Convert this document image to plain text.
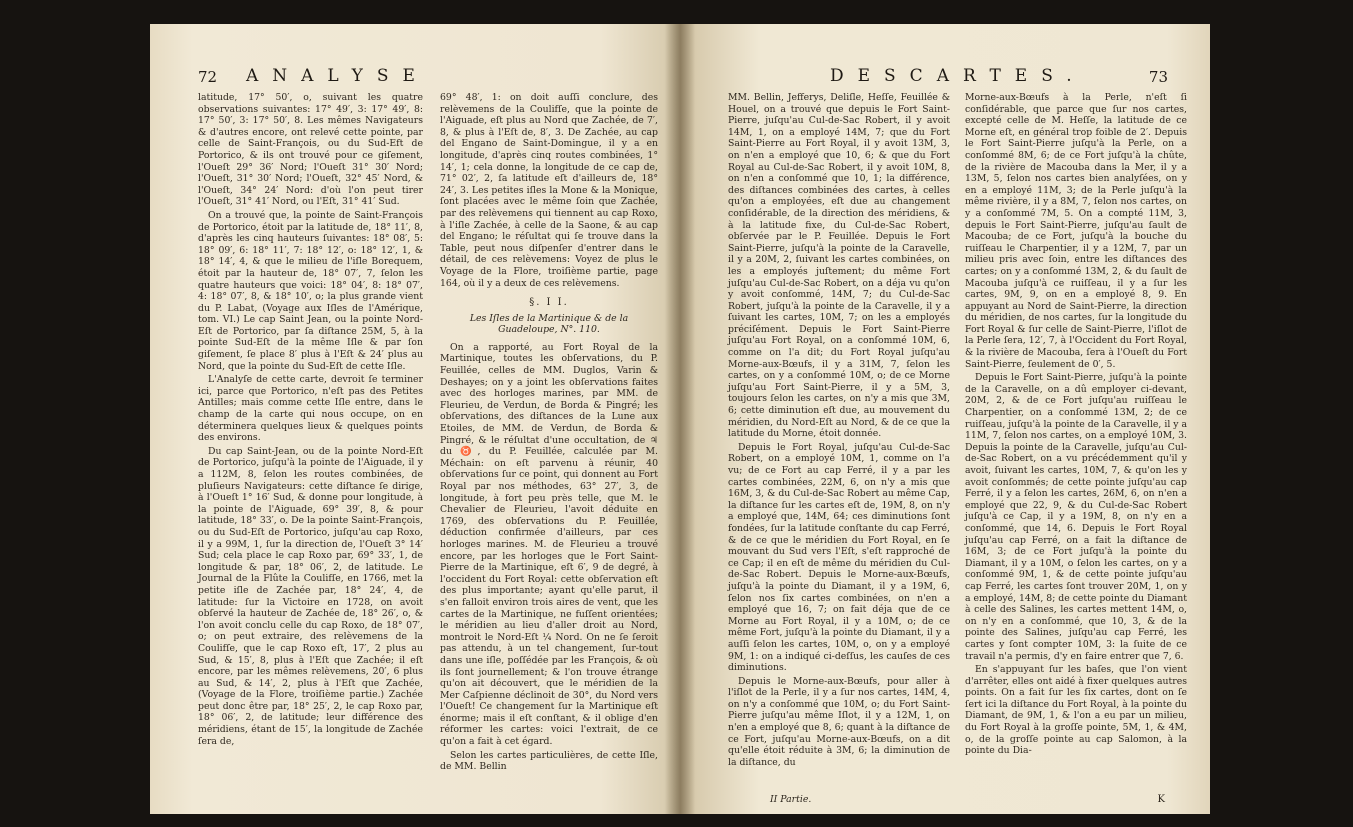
72 ANALYSE

latitude, 17° 50′, o, suivant les quatre observations suivantes: 17° 49′, 3: 17° 49′, 8: 17° 50′, 3: 17° 50′, 8. Les mêmes Navigateurs & d'autres encore, ont relevé cette pointe, par celle de Saint-François, ou du Sud-Eft de Portorico, & ils ont trouvé pour ce giſement, l'Oueſt 29° 36′ Nord; l'Oueſt 31° 30′ Nord; l'Oueſt, 31° 30′ Nord; l'Oueſt, 32° 45′ Nord, & l'Oueſt, 34° 24′ Nord: d'où l'on peut tirer l'Oueſt, 31° 41′ Nord, ou l'Eſt, 31° 41′ Sud.

On a trouvé que, la pointe de Saint-François de Portorico, étoit par la latitude de, 18° 11′, 8, d'après les cinq hauteurs ſuivantes: 18° 08′, 5: 18° 09′, 6: 18° 11′, 7: 18° 12′, o: 18° 12′, 1, & 18° 14′, 4, & que le milieu de l'iſle Borequem, étoit par la hauteur de, 18° 07′, 7, ſelon les quatre hauteurs que voici: 18° 04′, 8: 18° 07′, 4: 18° 07′, 8, & 18° 10′, o; la plus grande vient du P. Labat, (Voyage aux Iſles de l'Amérique, tom. VI.) Le cap Saint Jean, ou la pointe Nord-Eſt de Portorico, par ſa diſtance 25M, 5, à la pointe Sud-Eſt de la même Iſle & par ſon giſement, ſe place 8′ plus à l'Eſt & 24′ plus au Nord, que la pointe du Sud-Eſt de cette Iſle.

L'Analyſe de cette carte, devroit ſe terminer ici, parce que Portorico, n'eſt pas des Petites Antilles; mais comme cette Iſle entre, dans le champ de la carte qui nous occupe, on en déterminera quelques lieux & quelques points des environs.

Du cap Saint-Jean, ou de la pointe Nord-Eſt de Portorico, juſqu'à la pointe de l'Aiguade, il y a 112M, 8, ſelon les routes combinées, de pluſieurs Navigateurs: cette diſtance ſe dirige, à l'Oueſt 1° 16′ Sud, & donne pour longitude, à la pointe de l'Aiguade, 69° 39′, 8, & pour latitude, 18° 33′, o. De la pointe Saint-François, ou du Sud-Eſt de Portorico, juſqu'au cap Roxo, il y a 99M, 1, ſur la direction de, l'Oueſt 3° 14′ Sud; cela place le cap Roxo par, 69° 33′, 1, de longitude & par, 18° 06′, 2, de latitude. Le Journal de la Flûte la Coulifſe, en 1766, met la petite iſle de Zachée par, 18° 24′, 4, de latitude: ſur la Victoire en 1728, on avoit obſervé la hauteur de Zachée de, 18° 26′, o, & l'on avoit conclu celle du cap Roxo, de 18° 07′, o; on peut extraire, des relèvemens de la Coulifſe, que le cap Roxo eſt, 17′, 2 plus au Sud, & 15′, 8, plus à l'Eſt que Zachée; il eſt encore, par les mêmes relèvemens, 20′, 6 plus au Sud, & 14′, 2, plus à l'Eſt que Zachée, (Voyage de la Flore, troiſième partie.) Zachée peut donc être par, 18° 25′, 2, le cap Roxo par, 18° 06′, 2, de latitude; leur différence des méridiens, étant de 15′, la longitude de Zachée ſera de,

69° 48′, 1: on doit auſſi conclure, des relèvemens de la Coulifſe, que la pointe de l'Aiguade, eſt plus au Nord que Zachée, de 7′, 8, & plus à l'Eſt de, 8′, 3. De Zachée, au cap del Engano de Saint-Domingue, il y a en longitude, d'après cinq routes combinées, 1° 14′, 1; cela donne, la longitude de ce cap de, 71° 02′, 2, ſa latitude eſt d'ailleurs de, 18° 24′, 3. Les petites iſles la Mone & la Monique, ſont placées avec le même ſoin que Zachée, par des relèvemens qui tiennent au cap Roxo, à l'iſle Zachée, à celle de la Saone, & au cap del Engano; le réſultat qui ſe trouve dans la Table, peut nous diſpenſer d'entrer dans le détail, de ces relèvemens: Voyez de plus le Voyage de la Flore, troiſième partie, page 164, où il y a deux de ces relèvemens.

§. I I.
Les Iſles de la Martinique & de la Guadeloupe, N°. 110.

On a rapporté, au Fort Royal de la Martinique, toutes les obſervations, du P. Feuillée, celles de MM. Duglos, Varin & Deshayes; on y a joint les obſervations faites avec des horloges marines, par MM. de Fleurieu, de Verdun, de Borda & Pingré; les obſervations, des diſtances de la Lune aux Etoiles, de MM. de Verdun, de Borda & Pingré, & le réſultat d'une occultation, de ♃ du ♉, du P. Feuillée, calculée par M. Méchain: on eſt parvenu à réunir, 40 obſervations ſur ce point, qui donnent au Fort Royal par nos méthodes, 63° 27′, 3, de longitude, à fort peu près telle, que M. le Chevalier de Fleurieu, l'avoit déduite en 1769, des obſervations du P. Feuillée, déduction confirmée d'ailleurs, par ces horloges marines. M. de Fleurieu a trouvé encore, par les horloges que le Fort Saint-Pierre de la Martinique, eſt 6′, 9 de degré, à l'occident du Fort Royal: cette obſervation eſt des plus importante; ayant qu'elle parut, il s'en falloit environ trois aires de vent, que les cartes de la Martinique, ne fuſſent orientées; le méridien au lieu d'aller droit au Nord, montroit le Nord-Eſt ¼ Nord. On ne ſe ſeroit pas attendu, à un tel changement, ſur-tout dans une iſle, poſſédée par les François, & où ils ſont journellement; & l'on trouve étrange qu'on ait découvert, que le méridien de la Mer Caſpienne déclinoit de 30°, du Nord vers l'Oueſt! Ce changement ſur la Martinique eſt énorme; mais il eſt conſtant, & il oblige d'en réformer les cartes: voici l'extrait, de ce qu'on a fait à cet égard.

Selon les cartes particulières, de cette Iſle, de MM. Bellin

DESCARTES.	73

MM. Bellin, Jefferys, Deliſle, Heſſe, Feuillée & Houel, on a trouvé que depuis le Fort Saint-Pierre, juſqu'au Cul-de-Sac Robert, il y avoit 14M, 1, on a employé 14M, 7; que du Fort Saint-Pierre au Fort Royal, il y avoit 13M, 3, on n'en a employé que 10, 6; & que du Fort Royal au Cul-de-Sac Robert, il y avoit 10M, 8, on n'en a conſommé que 10, 1; la différence, des diſtances combinées des cartes, à celles qu'on a employées, eſt due au changement conſidérable, de la direction des méridiens, & à la latitude fixe, du Cul-de-Sac Robert, obſervée par le P. Feuillée. Depuis le Fort Saint-Pierre, juſqu'à la pointe de la Caravelle, il y a 20M, 2, ſuivant les cartes combinées, on les a employés juſtement; du même Fort juſqu'au Cul-de-Sac Robert, on a déja vu qu'on y avoit conſommé, 14M, 7; du Cul-de-Sac Robert, juſqu'à la pointe de la Caravelle, il y a ſuivant les cartes, 10M, 7; on les a employés préciſément. Depuis le Fort Saint-Pierre juſqu'au Fort Royal, on a conſommé 10M, 6, comme on l'a dit; du Fort Royal juſqu'au Morne-aux-Bœufs, il y a 31M, 7, ſelon les cartes, on y a conſommé 10M, o; de ce Morne juſqu'au Fort Saint-Pierre, il y a 5M, 3, toujours ſelon les cartes, on n'y a mis que 3M, 6; cette diminution eſt due, au mouvement du méridien, du Nord-Eſt au Nord, & de ce que la latitude du Morne, étoit donnée.

Depuis le Fort Royal, juſqu'au Cul-de-Sac Robert, on a employé 10M, 1, comme on l'a vu; de ce Fort au cap Ferré, il y a par les cartes combinées, 22M, 6, on n'y a mis que 16M, 3, & du Cul-de-Sac Robert au même Cap, la diſtance ſur les cartes eſt de, 19M, 8, on n'y a employé que, 14M, 64; ces diminutions ſont fondées, ſur la latitude conſtante du cap Ferré, & de ce que le méridien du Fort Royal, en ſe mouvant du Sud vers l'Eſt, s'eſt rapproché de ce Cap; il en eſt de même du méridien du Cul-de-Sac Robert. Depuis le Morne-aux-Bœufs, juſqu'à la pointe du Diamant, il y a 19M, 6, ſelon nos ſix cartes combinées, on n'en a employé que 16, 7; on fait déja que de ce Morne au Fort Royal, il y a 10M, o; de ce même Fort, juſqu'à la pointe du Diamant, il y a auſſi ſelon les cartes, 10M, o, on y a employé 9M, 1: on a indiqué ci-deſſus, les cauſes de ces diminutions.

Depuis le Morne-aux-Bœufs, pour aller à l'iſlot de la Perle, il y a ſur nos cartes, 14M, 4, on n'y a conſommé que 10M, o; du Fort Saint-Pierre juſqu'au même Iſlot, il y a 12M, 1, on n'en a employé que 8, 6; quant à la diſtance de ce Fort, juſqu'au Morne-aux-Bœufs, on a dit qu'elle étoit réduite à 3M, 6; la diminution de la diſtance, du

Morne-aux-Bœufs à la Perle, n'eſt ſi conſidérable, que parce que ſur nos cartes, excepté celle de M. Heſſe, la latitude de ce Morne eſt, en général trop foible de 2′. Depuis le Fort Saint-Pierre juſqu'à la Perle, on a conſommé 8M, 6; de ce Fort juſqu'à la chûte, de la rivière de Macouba dans la Mer, il y a 13M, 5, ſelon nos cartes bien analyſées, on y en a employé 11M, 3; de la Perle juſqu'à la même rivière, il y a 8M, 7, ſelon nos cartes, on y a conſommé 7M, 5. On a compté 11M, 3, depuis le Fort Saint-Pierre, juſqu'au ſault de Macouba; de ce Fort, juſqu'à la bouche du ruiſſeau le Charpentier, il y a 12M, 7, par un milieu pris avec ſoin, entre les diſtances des cartes; on y a conſommé 13M, 2, & du ſault de Macouba juſqu'à ce ruiſſeau, il y a ſur les cartes, 9M, 9, on en a employé 8, 9. En appuyant au Nord de Saint-Pierre, la direction du méridien, de nos cartes, ſur la longitude du Fort Royal & ſur celle de Saint-Pierre, l'iſlot de la Perle ſera, 12′, 7, à l'Occident du Fort Royal, & la rivière de Macouba, ſera à l'Oueſt du Fort Saint-Pierre, ſeulement de 0′, 5.

Depuis le Fort Saint-Pierre, juſqu'à la pointe de la Caravelle, on a dû employer ci-devant, 20M, 2, & de ce Fort juſqu'au ruiſſeau le Charpentier, on a conſommé 13M, 2; de ce ruiſſeau, juſqu'à la pointe de la Caravelle, il y a 11M, 7, ſelon nos cartes, on a employé 10M, 3. Depuis la pointe de la Caravelle, juſqu'au Cul-de-Sac Robert, on a vu précédemment qu'il y avoit, ſuivant les cartes, 10M, 7, & qu'on les y avoit conſommés; de cette pointe juſqu'au cap Ferré, il y a ſelon les cartes, 26M, 6, on n'en a employé que 22, 9, & du Cul-de-Sac Robert juſqu'à ce Cap, il y a 19M, 8, on n'y en a conſommé, que 14, 6. Depuis le Fort Royal juſqu'au cap Ferré, on a fait la diſtance de 16M, 3; de ce Fort juſqu'à la pointe du Diamant, il y a 10M, o ſelon les cartes, on y a conſommé 9M, 1, & de cette pointe juſqu'au cap Ferré, les cartes ſont trouver 20M, 1, on y a employé, 14M, 8; de cette pointe du Diamant à celle des Salines, les cartes mettent 14M, o, on n'y en a conſommé, que 10, 3, & de la pointe des Salines, juſqu'au cap Ferré, les cartes y ſont compter 10M, 3: la ſuite de ce travail n'a permis, d'y en faire entrer que 7, 6.

En s'appuyant ſur les baſes, que l'on vient d'arrêter, elles ont aidé à fixer quelques autres points. On a fait ſur les ſix cartes, dont on ſe ſert ici la diſtance du Fort Royal, à la pointe du Diamant, de 9M, 1, & l'on a eu par un milieu, du Fort Royal à la groſſe pointe, 5M, 1, & 4M, o, de la groſſe pointe au cap Salomon, à la pointe du Dia-

II Partie.	K
